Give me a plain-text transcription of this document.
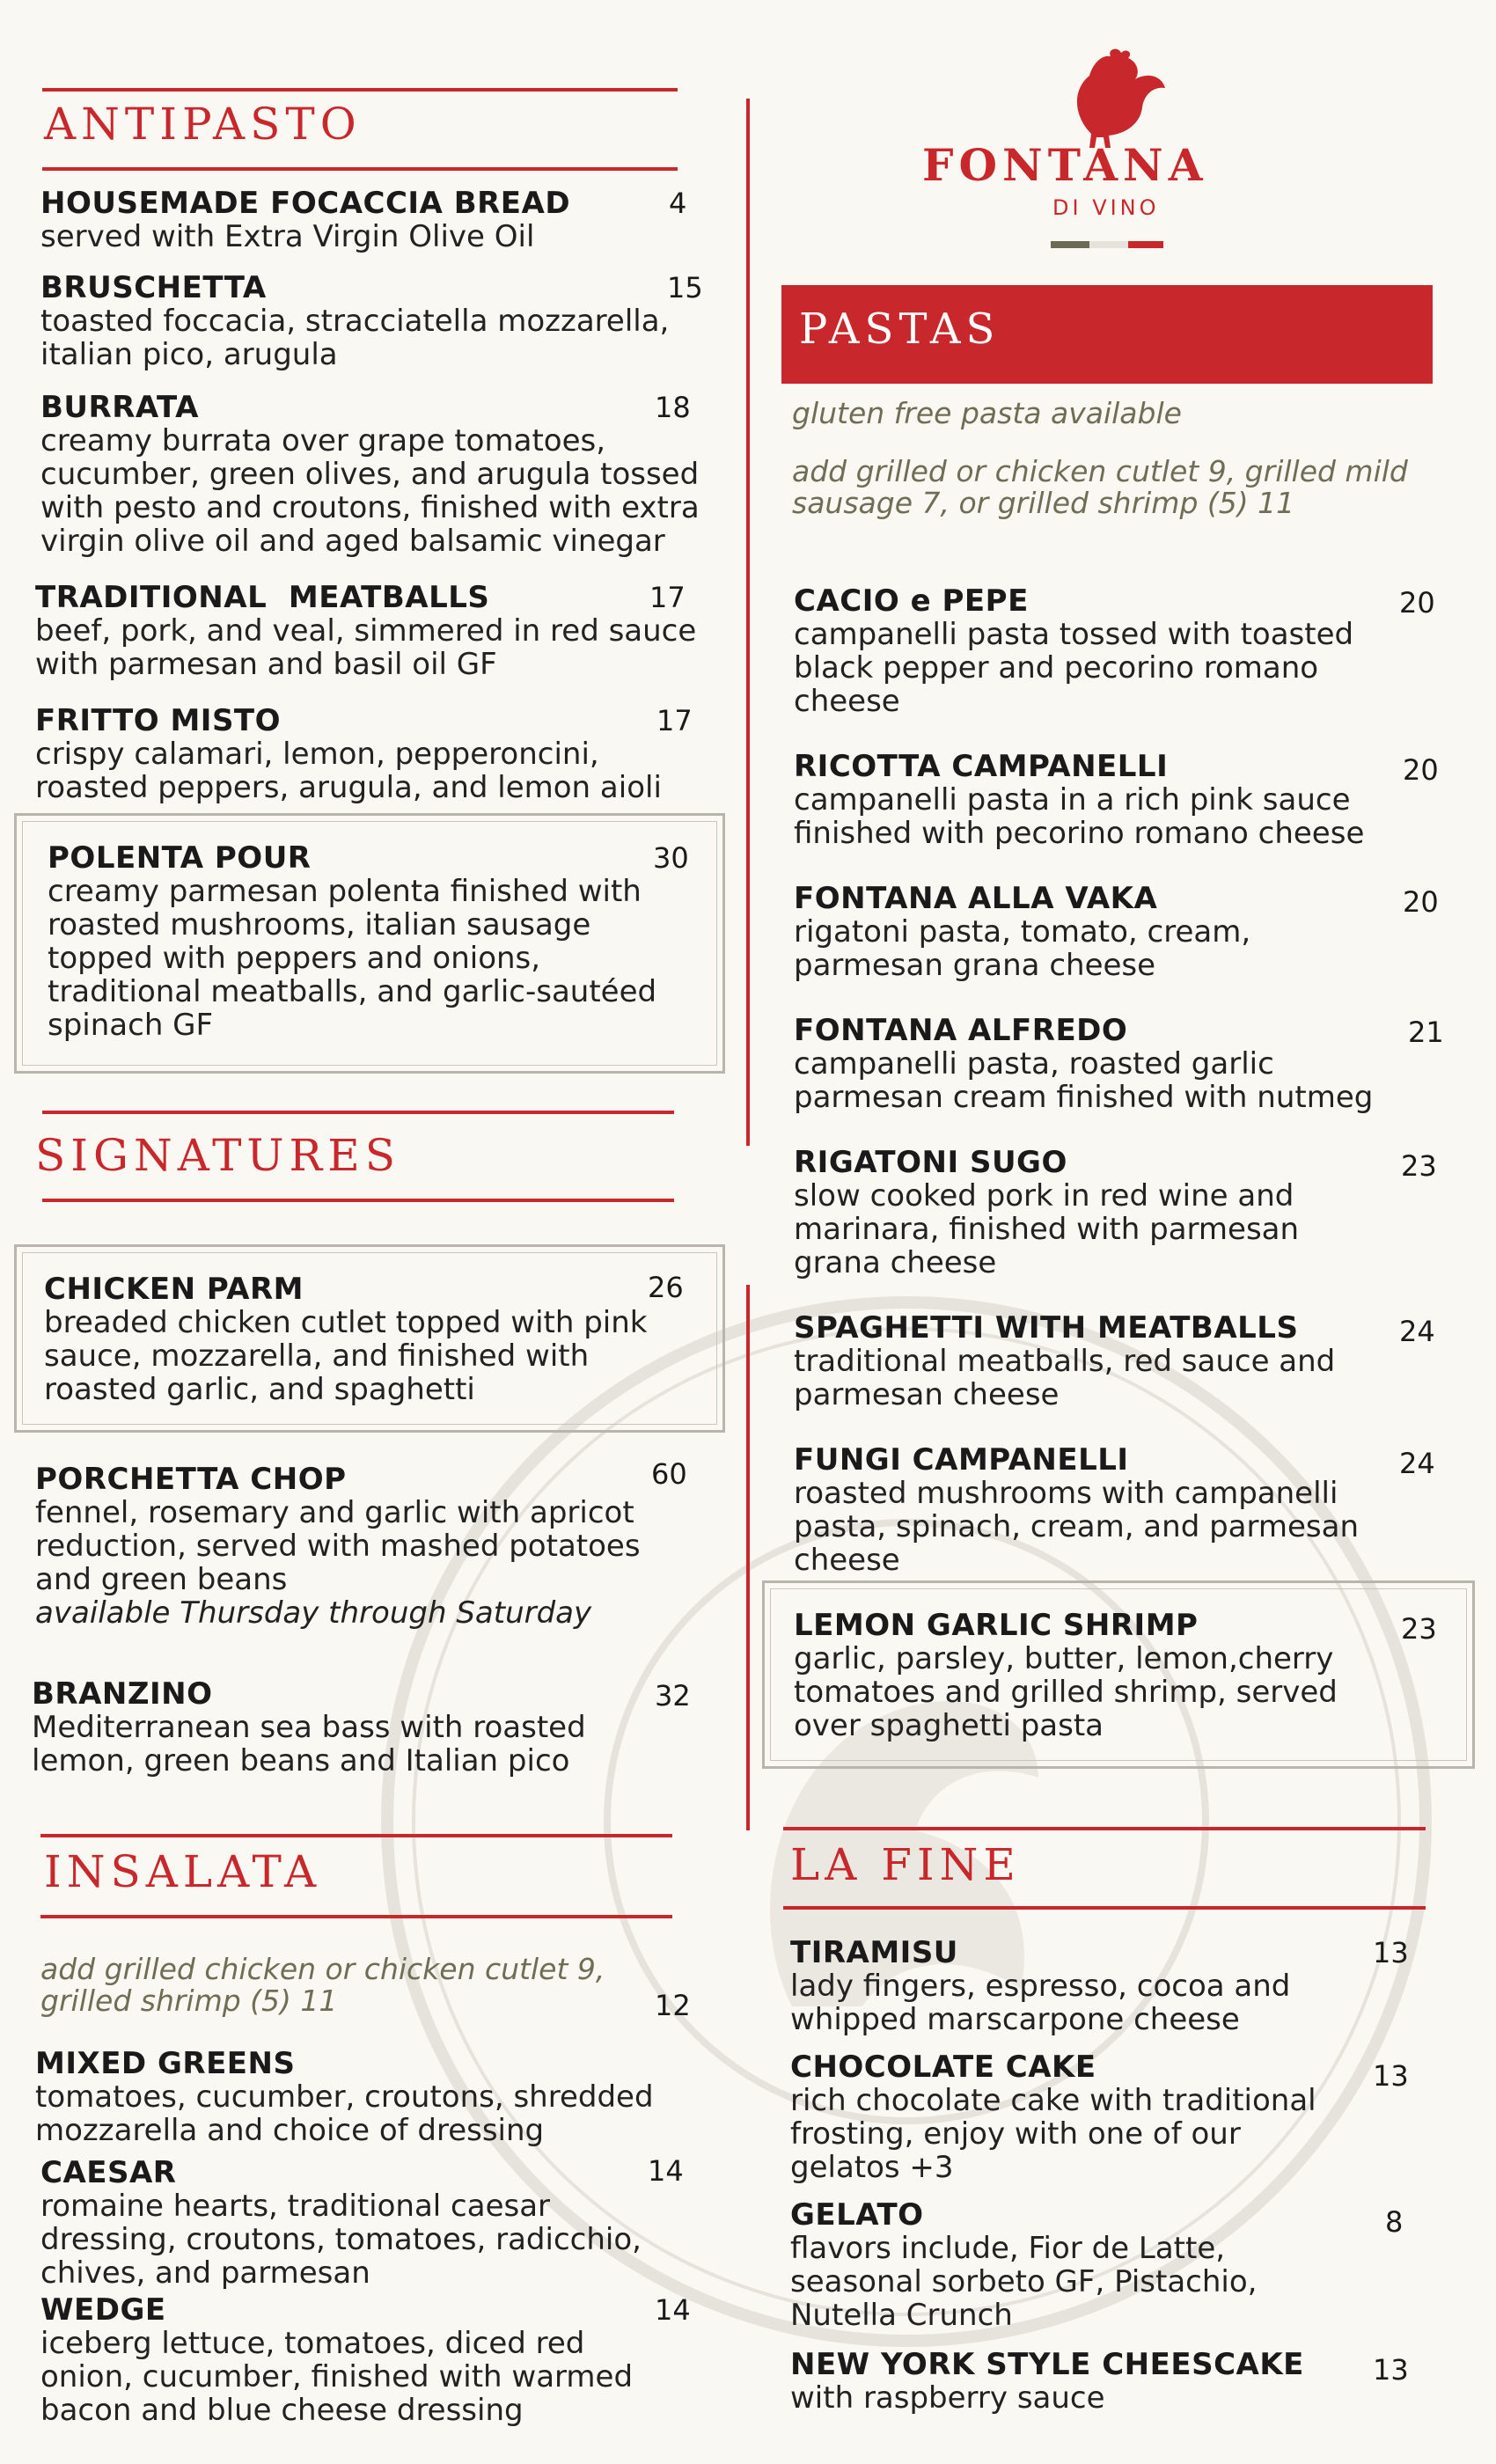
FONTANA
DI VINO
ANTIPASTO
HOUSEMADE FOCACCIA BREAD
served with Extra Virgin Olive Oil
4
BRUSCHETTA
toasted foccacia, stracciatella mozzarella,
italian pico, arugula
15
BURRATA
creamy burrata over grape tomatoes,
cucumber, green olives, and arugula tossed
with pesto and croutons, finished with extra
virgin olive oil and aged balsamic vinegar
18
TRADITIONAL  MEATBALLS
beef, pork, and veal, simmered in red sauce
with parmesan and basil oil GF
17
FRITTO MISTO
crispy calamari, lemon, pepperoncini,
roasted peppers, arugula, and lemon aioli
17
POLENTA POUR
creamy parmesan polenta finished with
roasted mushrooms, italian sausage
topped with peppers and onions,
traditional meatballs, and garlic-sautéed
spinach GF
30
SIGNATURES
CHICKEN PARM
breaded chicken cutlet topped with pink
sauce, mozzarella, and finished with
roasted garlic, and spaghetti
26
PORCHETTA CHOP
fennel, rosemary and garlic with apricot
reduction, served with mashed potatoes
and green beans
available Thursday through Saturday
60
BRANZINO
Mediterranean sea bass with roasted
lemon, green beans and Italian pico
32
INSALATA
add grilled chicken or chicken cutlet 9,
grilled shrimp (5) 11
MIXED GREENS
tomatoes, cucumber, croutons, shredded
mozzarella and choice of dressing
12
CAESAR
romaine hearts, traditional caesar
dressing, croutons, tomatoes, radicchio,
chives, and parmesan
14
WEDGE
iceberg lettuce, tomatoes, diced red
onion, cucumber, finished with warmed
bacon and blue cheese dressing
14
PASTAS
gluten free pasta available
add grilled or chicken cutlet 9, grilled mild
sausage 7, or grilled shrimp (5) 11
CACIO e PEPE
campanelli pasta tossed with toasted
black pepper and pecorino romano
cheese
20
RICOTTA CAMPANELLI
campanelli pasta in a rich pink sauce
finished with pecorino romano cheese
20
FONTANA ALLA VAKA
rigatoni pasta, tomato, cream,
parmesan grana cheese
20
FONTANA ALFREDO
campanelli pasta, roasted garlic
parmesan cream finished with nutmeg
21
RIGATONI SUGO
slow cooked pork in red wine and
marinara, finished with parmesan
grana cheese
23
SPAGHETTI WITH MEATBALLS
traditional meatballs, red sauce and
parmesan cheese
24
FUNGI CAMPANELLI
roasted mushrooms with campanelli
pasta, spinach, cream, and parmesan
cheese
24
LEMON GARLIC SHRIMP
garlic, parsley, butter, lemon,cherry
tomatoes and grilled shrimp, served
over spaghetti pasta
23
LA FINE
TIRAMISU
lady fingers, espresso, cocoa and
whipped marscarpone cheese
13
CHOCOLATE CAKE
rich chocolate cake with traditional
frosting, enjoy with one of our
gelatos +3
13
GELATO
flavors include, Fior de Latte,
seasonal sorbeto GF, Pistachio,
Nutella Crunch
8
NEW YORK STYLE CHEESCAKE
with raspberry sauce
13
